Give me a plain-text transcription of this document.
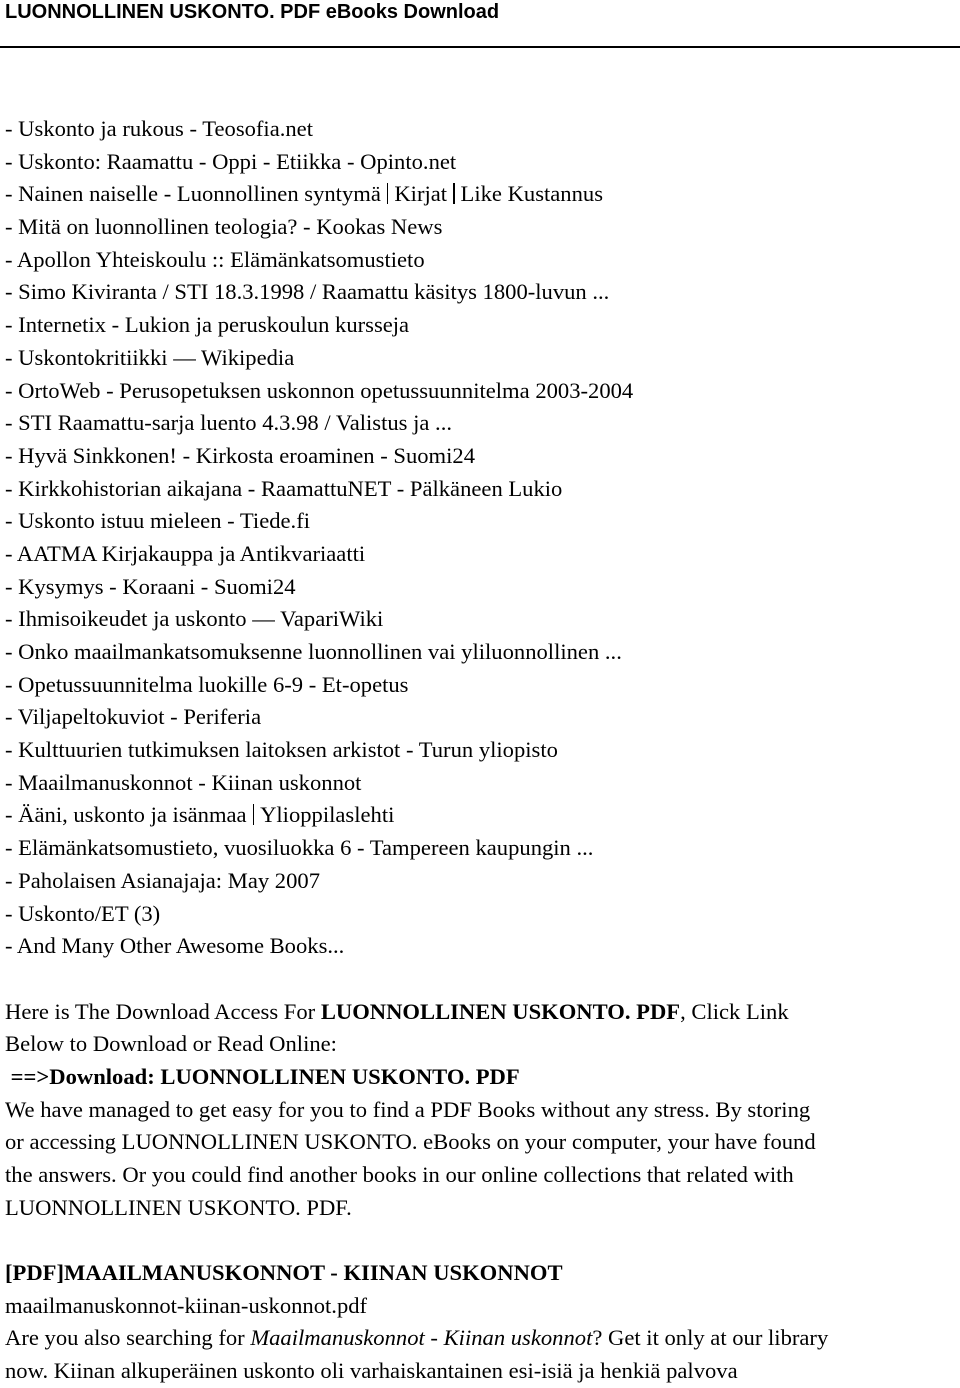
LUONNOLLINEN USKONTO. PDF eBooks Download
- Uskonto ja rukous - Teosofia.net
- Uskonto: Raamattu - Oppi - Etiikka - Opinto.net
- Nainen naiselle - Luonnollinen syntymä Kirjat Like Kustannus
- Mitä on luonnollinen teologia? - Kookas News
- Apollon Yhteiskoulu :: Elämänkatsomustieto
- Simo Kiviranta / STI 18.3.1998 / Raamattu käsitys 1800-luvun ...
- Internetix - Lukion ja peruskoulun kursseja
- Uskontokritiikki — Wikipedia
- OrtoWeb - Perusopetuksen uskonnon opetussuunnitelma 2003-2004
- STI Raamattu-sarja luento 4.3.98 / Valistus ja ...
- Hyvä Sinkkonen! - Kirkosta eroaminen - Suomi24
- Kirkkohistorian aikajana - RaamattuNET - Pälkäneen Lukio
- Uskonto istuu mieleen - Tiede.fi
- AATMA Kirjakauppa ja Antikvariaatti
- Kysymys - Koraani - Suomi24
- Ihmisoikeudet ja uskonto — VapariWiki
- Onko maailmankatsomuksenne luonnollinen vai yliluonnollinen ...
- Opetussuunnitelma luokille 6-9 - Et-opetus
- Viljapeltokuviot - Periferia
- Kulttuurien tutkimuksen laitoksen arkistot - Turun yliopisto
- Maailmanuskonnot - Kiinan uskonnot
- Ääni, uskonto ja isänmaa Ylioppilaslehti
- Elämänkatsomustieto, vuosiluokka 6 - Tampereen kaupungin ...
- Paholaisen Asianajaja: May 2007
- Uskonto/ET (3)
- And Many Other Awesome Books...
Here is The Download Access For LUONNOLLINEN USKONTO. PDF, Click Link
Below to Download or Read Online:
==>Download: LUONNOLLINEN USKONTO. PDF
We have managed to get easy for you to find a PDF Books without any stress. By storing
or accessing LUONNOLLINEN USKONTO. eBooks on your computer, your have found
the answers. Or you could find another books in our online collections that related with
LUONNOLLINEN USKONTO. PDF.
[PDF]MAAILMANUSKONNOT - KIINAN USKONNOT
maailmanuskonnot-kiinan-uskonnot.pdf
Are you also searching for Maailmanuskonnot - Kiinan uskonnot? Get it only at our library
now. Kiinan alkuperäinen uskonto oli varhaiskantainen esi-isiä ja henkiä palvova
